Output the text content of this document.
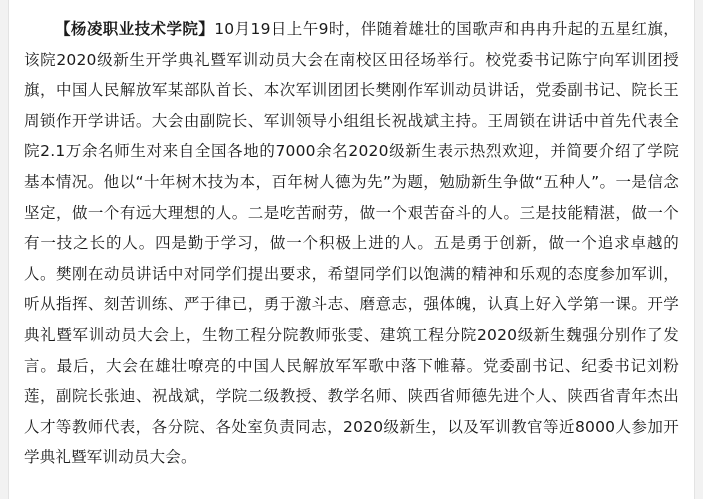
【杨凌职业技术学院】10月19日上午9时，伴随着雄壮的国歌声和冉冉升起的五星红旗，该院2020级新生开学典礼暨军训动员大会在南校区田径场举行。校党委书记陈宁向军训团授旗，中国人民解放军某部队首长、本次军训团团长樊刚作军训动员讲话，党委副书记、院长王周锁作开学讲话。大会由副院长、军训领导小组组长祝战斌主持。王周锁在讲话中首先代表全院2.1万余名师生对来自全国各地的7000余名2020级新生表示热烈欢迎，并简要介绍了学院基本情况。他以“十年树木技为本，百年树人德为先”为题，勉励新生争做“五种人”。一是信念坚定，做一个有远大理想的人。二是吃苦耐劳，做一个艰苦奋斗的人。三是技能精湛，做一个有一技之长的人。四是勤于学习，做一个积极上进的人。五是勇于创新，做一个追求卓越的人。樊刚在动员讲话中对同学们提出要求，希望同学们以饱满的精神和乐观的态度参加军训，听从指挥、刻苦训练、严于律已，勇于激斗志、磨意志，强体魄，认真上好入学第一课。开学典礼暨军训动员大会上，生物工程分院教师张雯、建筑工程分院2020级新生魏强分别作了发言。最后，大会在雄壮嘹亮的中国人民解放军军歌中落下帷幕。党委副书记、纪委书记刘粉莲，副院长张迪、祝战斌，学院二级教授、教学名师、陕西省师德先进个人、陕西省青年杰出人才等教师代表，各分院、各处室负责同志，2020级新生，以及军训教官等近8000人参加开学典礼暨军训动员大会。
